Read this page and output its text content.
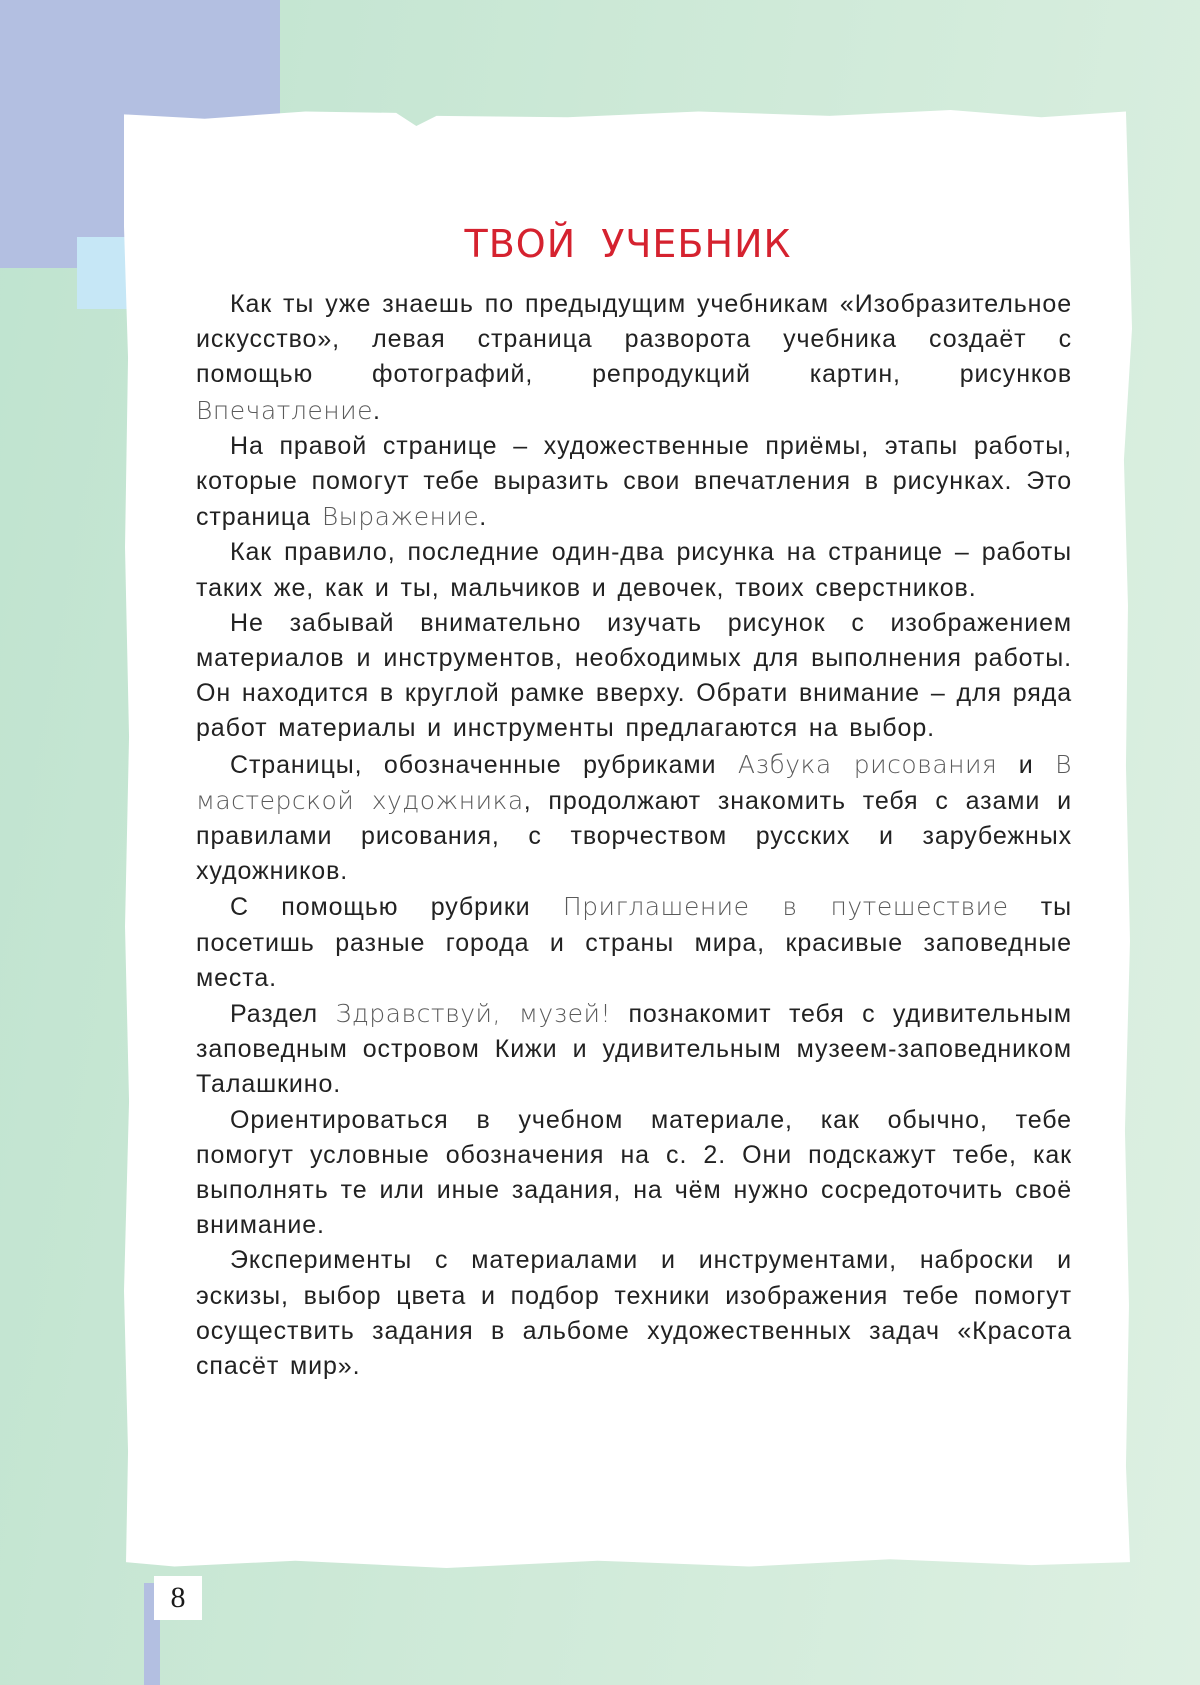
ТВОЙ УЧЕБНИК

Как ты уже знаешь по предыдущим учебникам «Изобразительное искусство», левая страница разворота учебника создаёт с помощью фотографий, репродукций картин, рисунков Впечатление.

На правой странице – художественные приёмы, этапы работы, которые помогут тебе выразить свои впечатления в рисунках. Это страница Выражение.

Как правило, последние один-два рисунка на странице – работы таких же, как и ты, мальчиков и девочек, твоих сверстников.

Не забывай внимательно изучать рисунок с изображением материалов и инструментов, необходимых для выполнения работы. Он находится в круглой рамке вверху. Обрати внимание – для ряда работ материалы и инструменты предлагаются на выбор.

Страницы, обозначенные рубриками Азбука рисования и В мастерской художника, продолжают знакомить тебя с азами и правилами рисования, с творчеством русских и зарубежных художников.

С помощью рубрики Приглашение в путешествие ты посетишь разные города и страны мира, красивые заповедные места.

Раздел Здравствуй, музей! познакомит тебя с удивительным заповедным островом Кижи и удивительным музеем-заповедником Талашкино.

Ориентироваться в учебном материале, как обычно, тебе помогут условные обозначения на с. 2. Они подскажут тебе, как выполнять те или иные задания, на чём нужно сосредоточить своё внимание.

Эксперименты с материалами и инструментами, наброски и эскизы, выбор цвета и подбор техники изображения тебе помогут осуществить задания в альбоме художественных задач «Красота спасёт мир».

8
